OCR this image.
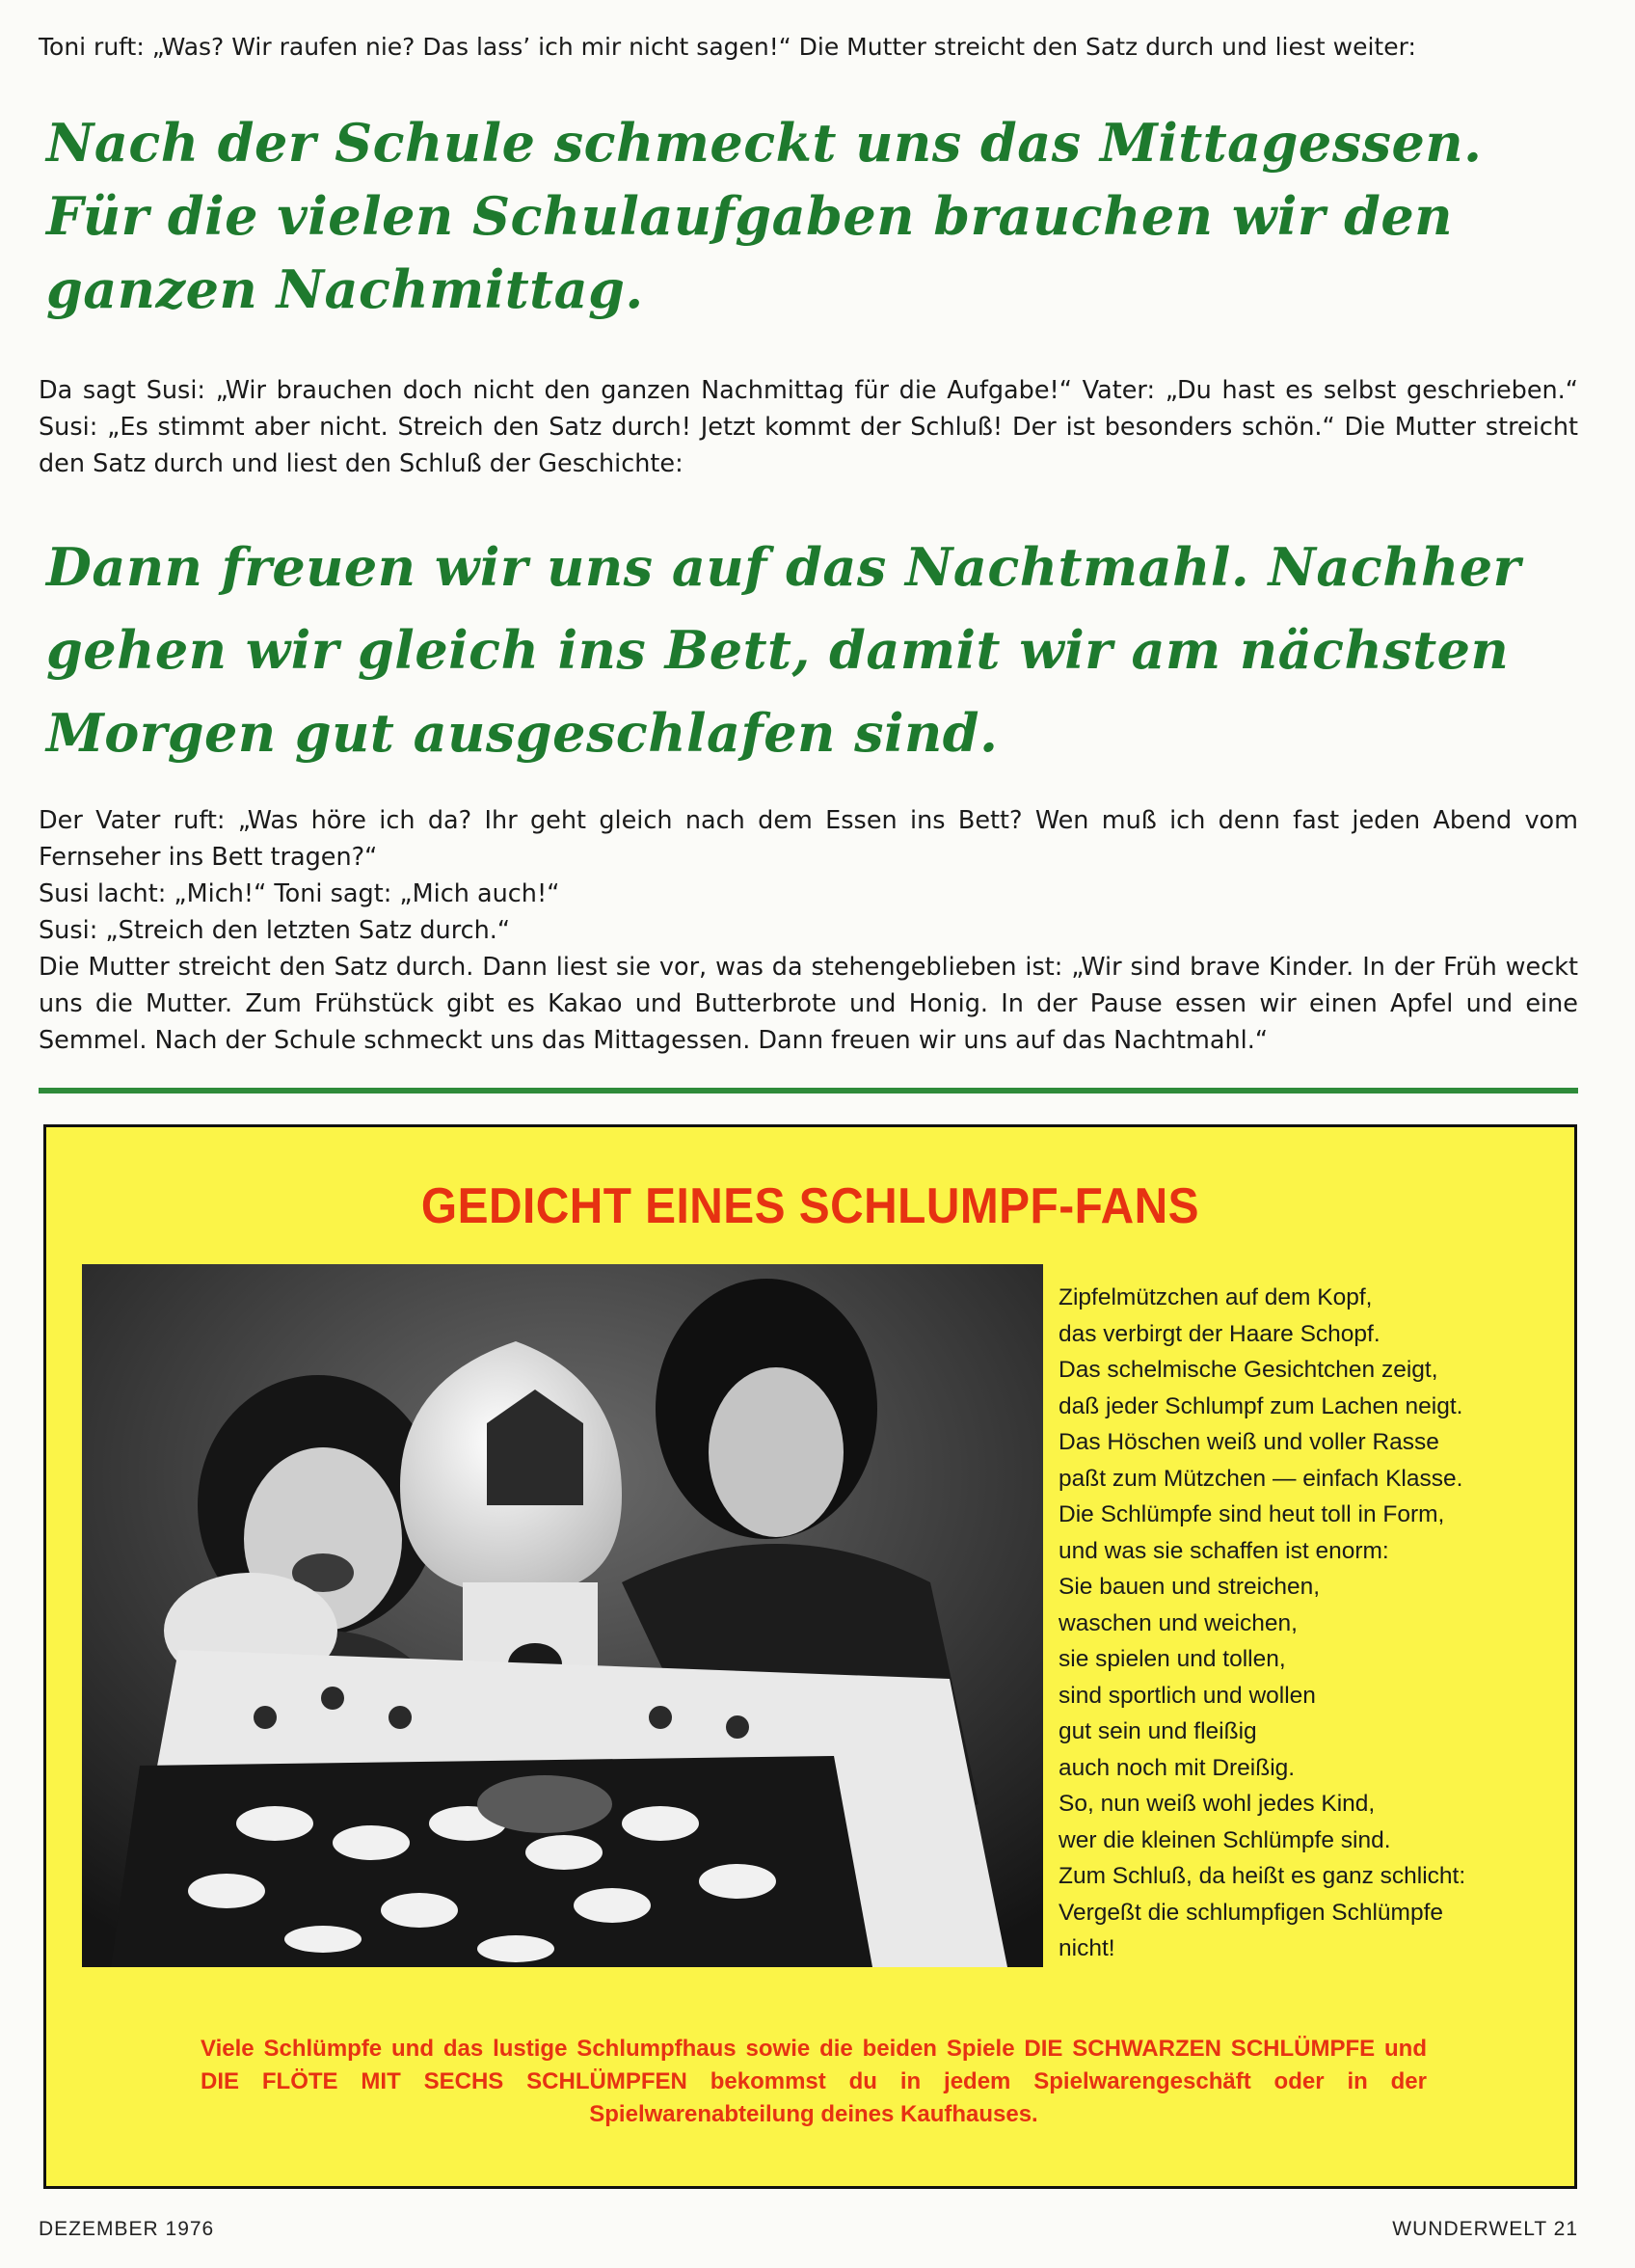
Toni ruft: „Was? Wir raufen nie? Das lass’ ich mir nicht sagen!“ Die Mutter streicht den Satz durch und liest weiter:

Nach der Schule schmeckt uns das Mittagessen. Für die vielen Schulaufgaben brauchen wir den ganzen Nachmittag.

Da sagt Susi: „Wir brauchen doch nicht den ganzen Nachmittag für die Aufgabe!“ Vater: „Du hast es selbst geschrieben.“ Susi: „Es stimmt aber nicht. Streich den Satz durch! Jetzt kommt der Schluß! Der ist besonders schön.“ Die Mutter streicht den Satz durch und liest den Schluß der Geschichte:

Dann freuen wir uns auf das Nachtmahl. Nachher gehen wir gleich ins Bett, damit wir am nächsten Morgen gut ausgeschlafen sind.

Der Vater ruft: „Was höre ich da? Ihr geht gleich nach dem Essen ins Bett? Wen muß ich denn fast jeden Abend vom Fernseher ins Bett tragen?“

Susi lacht: „Mich!“ Toni sagt: „Mich auch!“

Susi: „Streich den letzten Satz durch.“

Die Mutter streicht den Satz durch. Dann liest sie vor, was da stehengeblieben ist: „Wir sind brave Kinder. In der Früh weckt uns die Mutter. Zum Frühstück gibt es Kakao und Butterbrote und Honig. In der Pause essen wir einen Apfel und eine Semmel. Nach der Schule schmeckt uns das Mittagessen. Dann freuen wir uns auf das Nachtmahl.“

GEDICHT EINES SCHLUMPF-FANS
Zipfelmützchen auf dem Kopf,
das verbirgt der Haare Schopf.
Das schelmische Gesichtchen zeigt,
daß jeder Schlumpf zum Lachen neigt.
Das Höschen weiß und voller Rasse
paßt zum Mützchen — einfach Klasse.
Die Schlümpfe sind heut toll in Form,
und was sie schaffen ist enorm:
Sie bauen und streichen,
waschen und weichen,
sie spielen und tollen,
sind sportlich und wollen
gut sein und fleißig
auch noch mit Dreißig.
So, nun weiß wohl jedes Kind,
wer die kleinen Schlümpfe sind.
Zum Schluß, da heißt es ganz schlicht:
Vergeßt die schlumpfigen Schlümpfe
nicht!
Viele Schlümpfe und das lustige Schlumpfhaus sowie die beiden Spiele DIE SCHWARZEN SCHLÜMPFE und DIE FLÖTE MIT SECHS SCHLÜMPFEN bekommst du in jedem Spielwarengeschäft oder in der Spielwarenabteilung deines Kaufhauses.
DEZEMBER 1976	WUNDERWELT 21
